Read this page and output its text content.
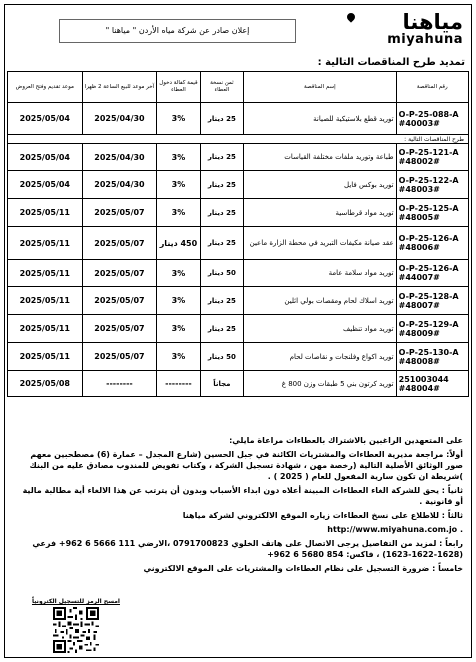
مياهنا
miyahuna
إعلان صادر عن شركة مياه الأردن " مياهنا "
تمديد طرح المناقصات التالية :
رقم المناقصة	إسم المناقصة	ثمن نسخة العطاء	قيمة كفالة دخول العطاء	آخر موعد للبيع الساعة 2 ظهرا	موعد تقديم وفتح العروض
O-P-25-088-A #40003#	توريد قطع بلاستيكية للصيانة	25 دينار	3%	2025/04/30	2025/05/04
طرح المناقصات التالية :					
O-P-25-121-A #48002#	طباعة وتوريد ملفات مختلفة القياسات	25 دينار	3%	2025/04/30	2025/05/04
O-P-25-122-A #48003#	توريد بوكس فايل	25 دينار	3%	2025/04/30	2025/05/04
O-P-25-125-A #48005#	توريد مواد قرطاسية	25 دينار	3%	2025/05/07	2025/05/11
O-P-25-126-A #48006#	عقد صيانة مكيفات التبريد في محطة الزارة ماعين	25 دينار	450 دينار	2025/05/07	2025/05/11
O-P-25-126-A #44007#	توريد مواد سلامة عامة	50 دينار	3%	2025/05/07	2025/05/11
O-P-25-128-A #48007#	توريد اسلاك لحام ومقصات بولي اثلين	25 دينار	3%	2025/05/07	2025/05/11
O-P-25-129-A #48009#	توريد مواد تنظيف	25 دينار	3%	2025/05/07	2025/05/11
O-P-25-130-A #48008#	توريد اكواع وفلنجات و نقاصات لحام	50 دينار	3%	2025/05/07	2025/05/11
251003044 #48004#	توريد كرتون بني 5 طبقات وزن 800 غ	مجاناً	--------	--------	2025/05/08

على المتعهدين الراغبين بالاشتراك بالعطاءات مراعاة مايلي:

أولاً: مراجعة مديرية العطاءات والمشتريات الكائنة في جبل الحسين (شارع المجدل – عمارة (6) مصطحبين معهم صور الوثائق الأصلية التالية (رخصة مهن ، شهادة تسجيل الشركة ، وكتاب تفويض للمندوب مصادق عليه من البنك )شريطة ان تكون سارية المفعول للعام ( 2025 ) .

ثانياً : يحق للشركة الغاء العطاءات المبينة أعلاه دون ابداء الأسباب وبدون أن يترتب عن هذا الالغاء أية مطالبة مالية أو قانونية .

ثالثاً : للاطلاع على نسخ العطاءات زياره الموقع الالكتروني لشركة مياهنا

http://www.miyahuna.com.jo .

رابعاً : لمزيد من التفاصيل يرجى الاتصال على هاتف الخلوي 0791700823 ،الارضي 111 5666 6 962+ فرعي (1628-1622-1623) ، فاكس: 854 5680 6 962+

خامساً : ضرورة التسجيل على نظام العطاءات والمشتريات على الموقع الالكتروني

امسح الرمز للتسجيل الكترونياً
